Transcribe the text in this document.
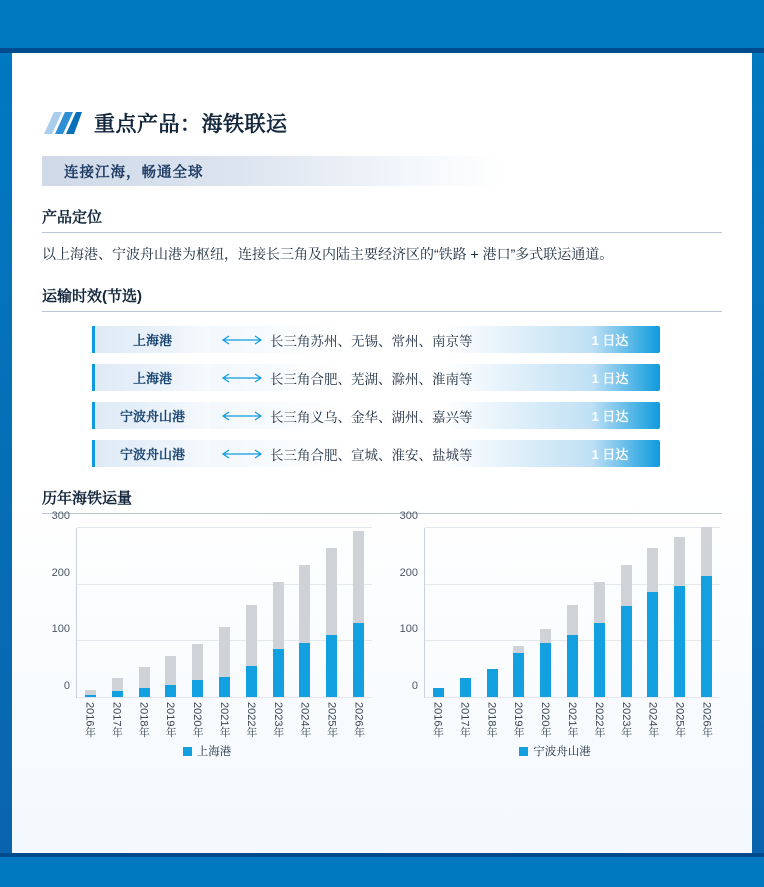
重点产品：海铁联运
连接江海，畅通全球
产品定位
以上海港、宁波舟山港为枢纽，连接长三角及内陆主要经济区的“铁路 + 港口”多式联运通道。
运输时效(节选)
上海港	长三角苏州、无锡、常州、南京等	1 日达
上海港	长三角合肥、芜湖、滁州、淮南等	1 日达
宁波舟山港	长三角义乌、金华、湖州、嘉兴等	1 日达
宁波舟山港	长三角合肥、宣城、淮安、盐城等	1 日达
历年海铁运量
0
100
200
300
2016年 2017年 2018年 2019年 2020年 2021年 2022年 2023年 2024年 2025年 2026年
上海港
0
100
200
300
2016年 2017年 2018年 2019年 2020年 2021年 2022年 2023年 2024年 2025年 2026年
宁波舟山港
